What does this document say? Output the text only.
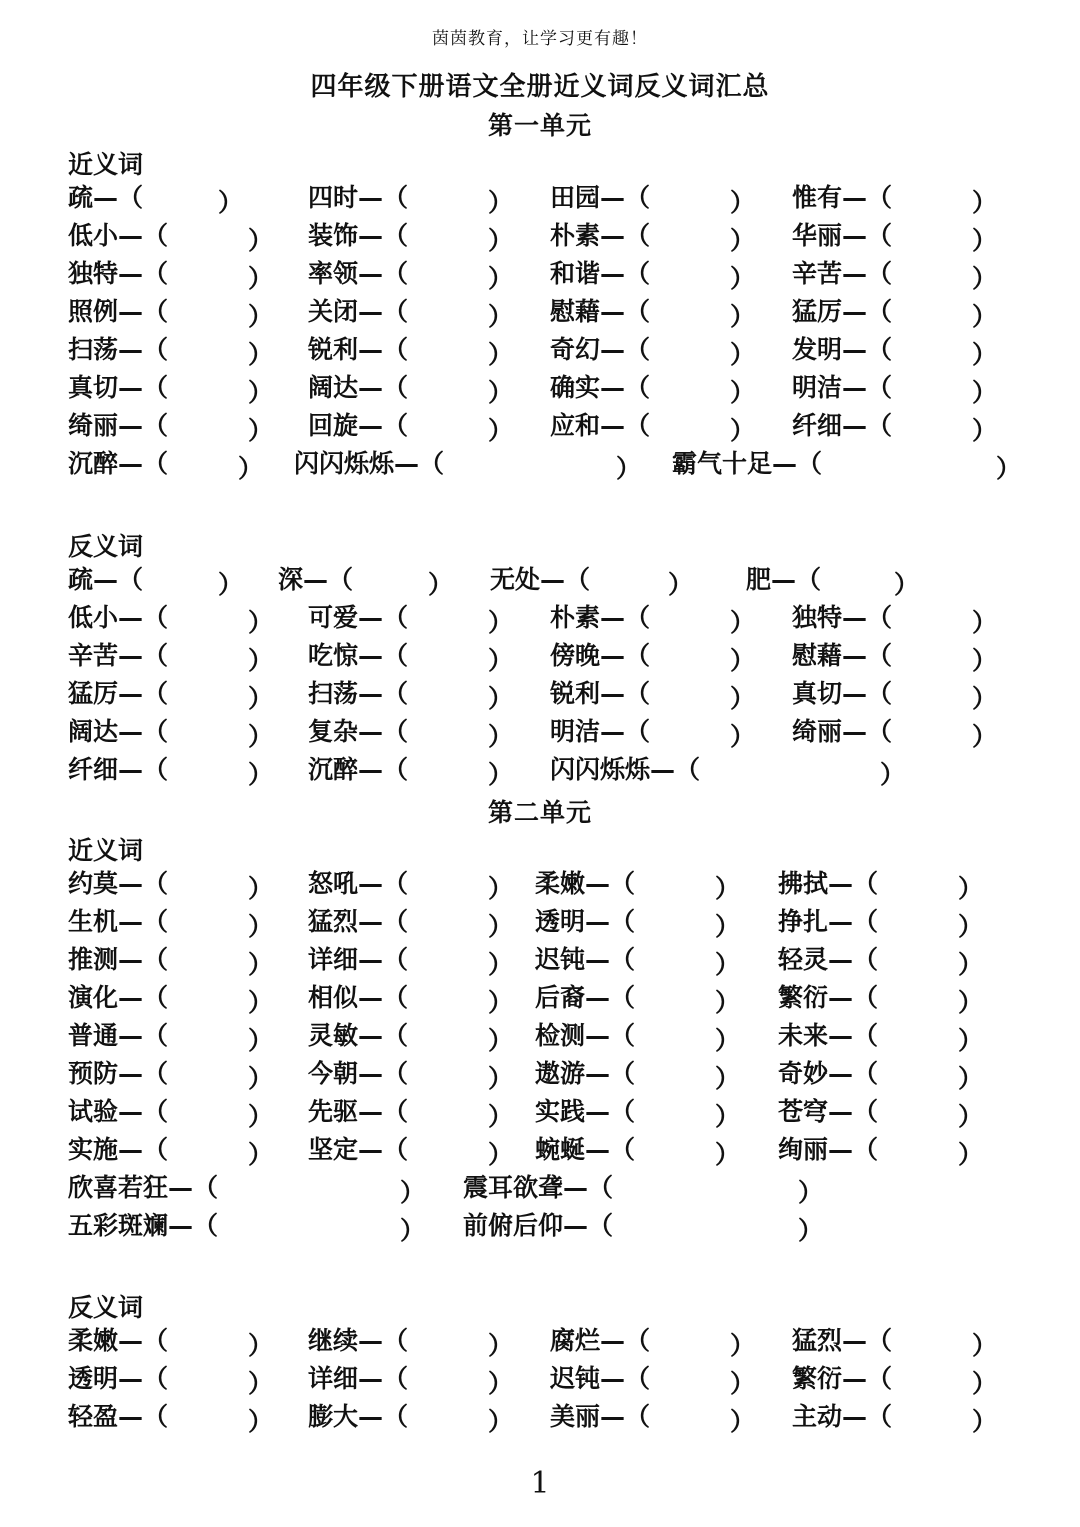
茵茵教育，让学习更有趣！
四年级下册语文全册近义词反义词汇总
第一单元
近义词
疏—（	）	四时—（	） 田园—（	） 惟有—（	）
低小—（	） 装饰—（	） 朴素—（	） 华丽—（	）
独特—（	） 率领—（	） 和谐—（	） 辛苦—（	）
照例—（	） 关闭—（	） 慰藉—（	） 猛厉—（	）
扫荡—（	） 锐利—（	） 奇幻—（	） 发明—（	）
真切—（	） 阔达—（	） 确实—（	） 明洁—（	）
绮丽—（	） 回旋—（	） 应和—（	） 纤细—（	）
沉醉—（	） 闪闪烁烁—（	） 霸气十足—（	）
反义词
疏—（	） 深—（	） 无处—（	） 肥—（	）
低小—（	） 可爱—（	） 朴素—（	） 独特—（	）
辛苦—（	） 吃惊—（	） 傍晚—（	） 慰藉—（	）
猛厉—（	） 扫荡—（	） 锐利—（	） 真切—（	）
阔达—（	） 复杂—（	） 明洁—（	） 绮丽—（	）
纤细—（	） 沉醉—（	） 闪闪烁烁—（	）
第二单元
近义词
约莫—（	） 怒吼—（	） 柔嫩—（	） 拂拭—（	）
生机—（	） 猛烈—（	） 透明—（	） 挣扎—（	）
推测—（	） 详细—（	） 迟钝—（	） 轻灵—（	）
演化—（	） 相似—（	） 后裔—（	） 繁衍—（	）
普通—（	） 灵敏—（	） 检测—（	） 未来—（	）
预防—（	） 今朝—（	） 遨游—（	） 奇妙—（	）
试验—（	） 先驱—（	） 实践—（	） 苍穹—（	）
实施—（	） 坚定—（	） 蜿蜒—（	） 绚丽—（	）
欣喜若狂—（	） 震耳欲聋—（	）
五彩斑斓—（	） 前俯后仰—（	）
反义词
柔嫩—（	） 继续—（	） 腐烂—（	） 猛烈—（	）
透明—（	） 详细—（	） 迟钝—（	） 繁衍—（	）
轻盈—（	） 膨大—（	） 美丽—（	） 主动—（	）
1
